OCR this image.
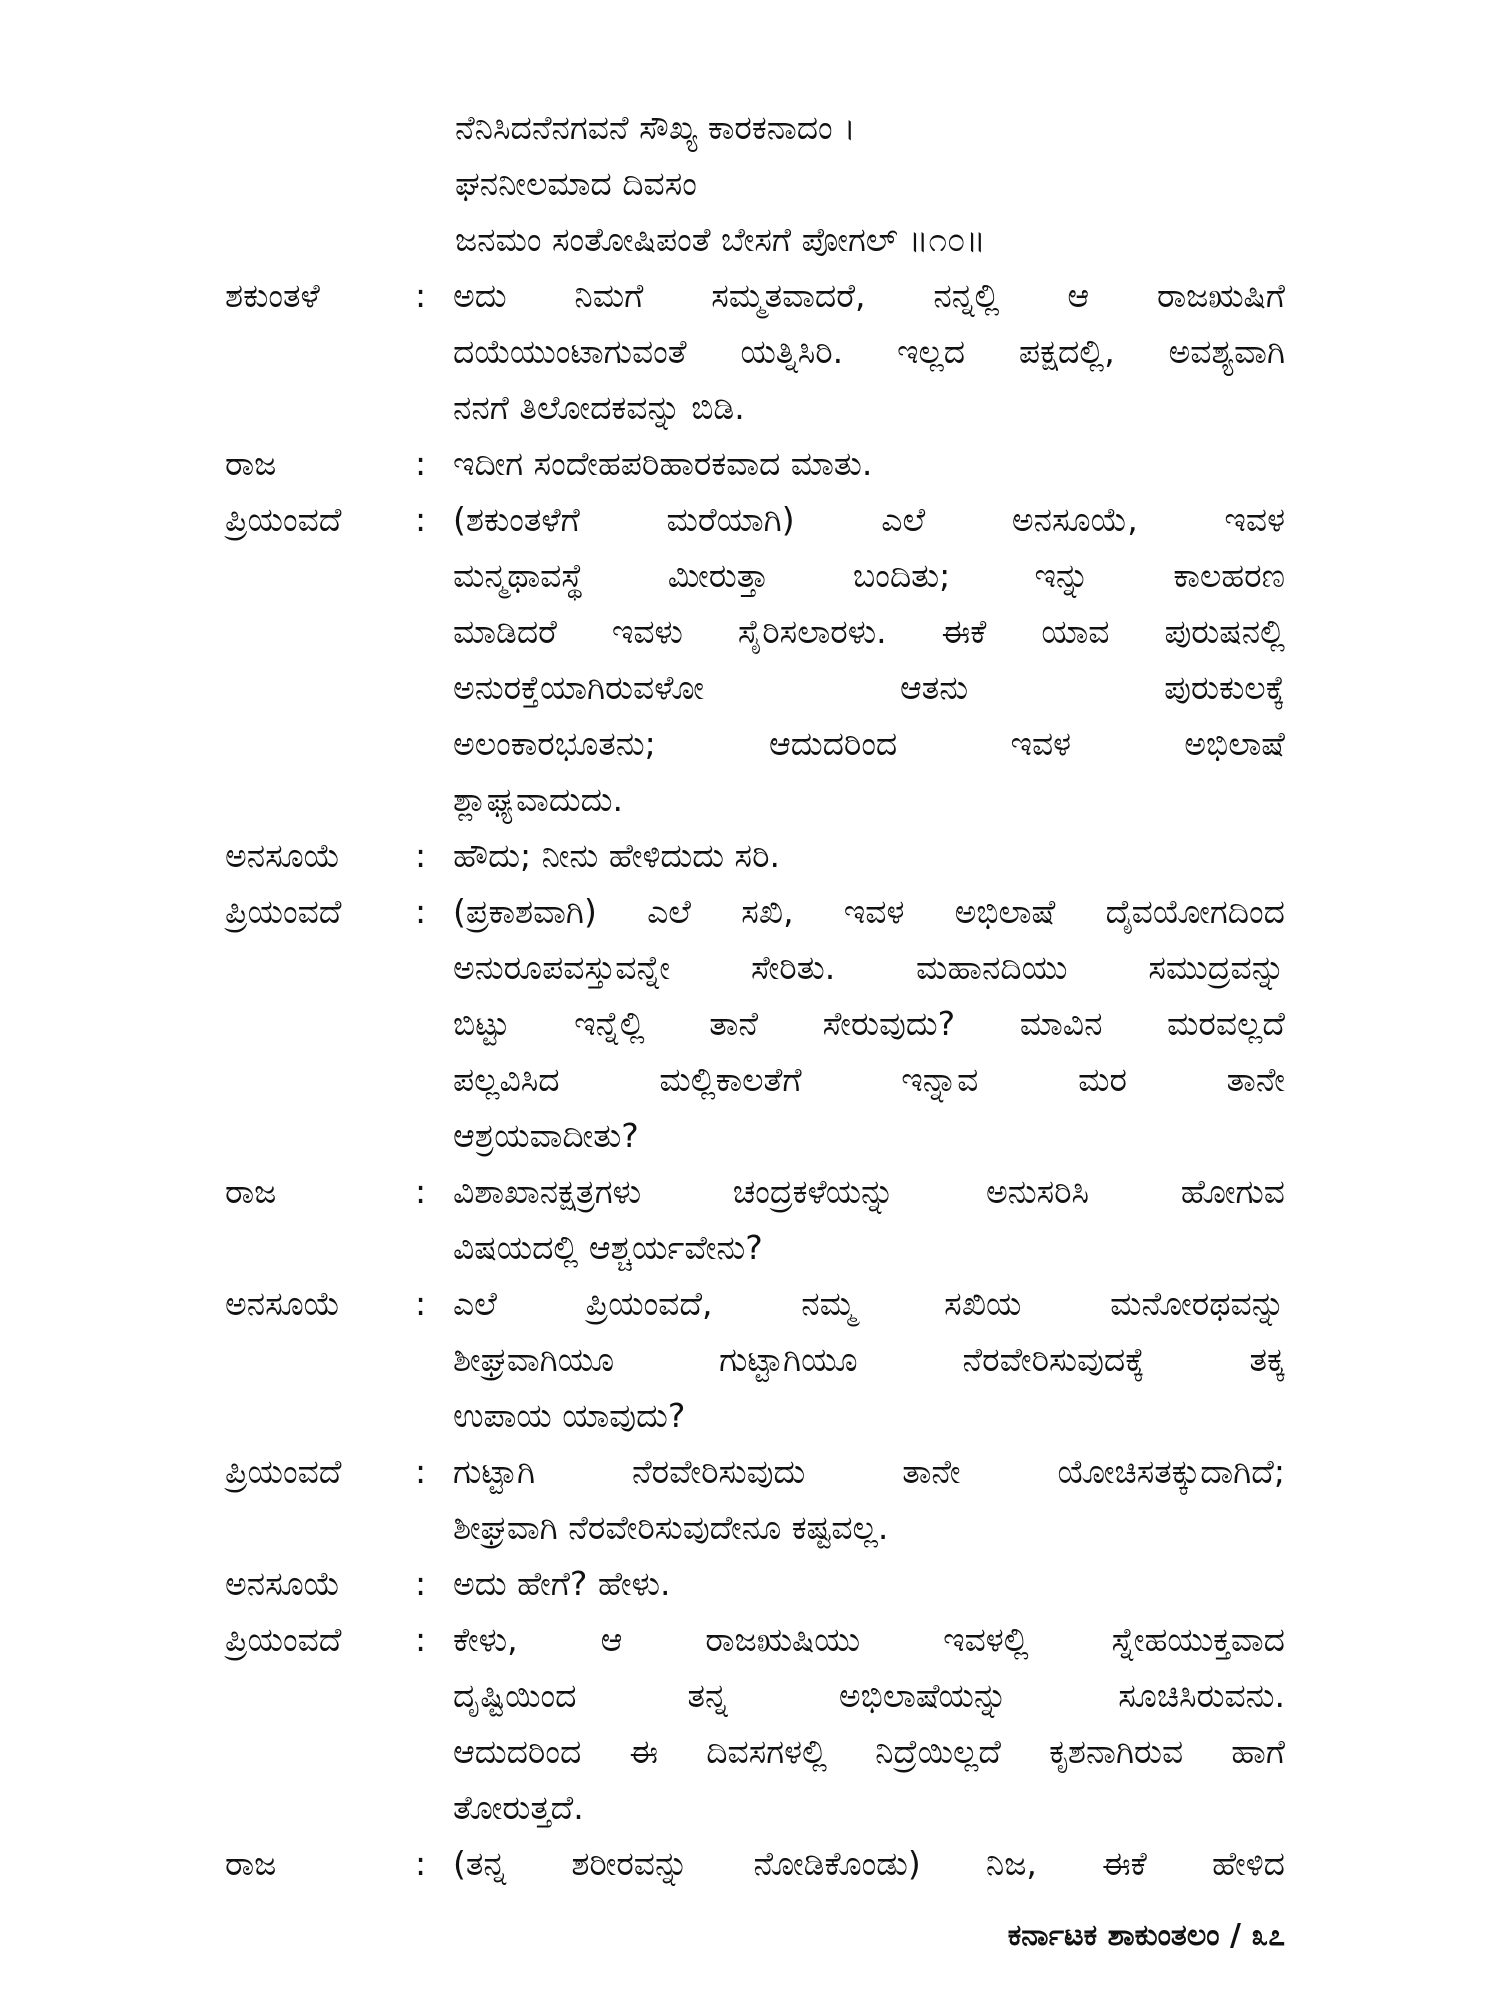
ನೆನಿಸಿದನೆನಗವನೆ ಸೌಖ್ಯ ಕಾರಕನಾದಂ ।
ಘನನೀಲಮಾದ ದಿವಸಂ
ಜನಮಂ ಸಂತೋಷಿಪಂತೆ ಬೇಸಗೆ ಪೋಗಲ್ ॥೧೦॥
ಶಕುಂತಳೆ	: ಅದು ನಿಮಗೆ ಸಮ್ಮತವಾದರೆ, ನನ್ನಲ್ಲಿ ಆ ರಾಜಋಷಿಗೆ
ದಯೆಯುಂಟಾಗುವಂತೆ ಯತ್ನಿಸಿರಿ. ಇಲ್ಲದ ಪಕ್ಷದಲ್ಲಿ, ಅವಶ್ಯವಾಗಿ
ನನಗೆ ತಿಲೋದಕವನ್ನು ಬಿಡಿ.
ರಾಜ	: ಇದೀಗ ಸಂದೇಹಪರಿಹಾರಕವಾದ ಮಾತು.
ಪ್ರಿಯಂವದೆ	: (ಶಕುಂತಳೆಗೆ ಮರೆಯಾಗಿ) ಎಲೆ ಅನಸೂಯೆ, ಇವಳ
ಮನ್ಮಥಾವಸ್ಥೆ ಮೀರುತ್ತಾ ಬಂದಿತು; ಇನ್ನು ಕಾಲಹರಣ
ಮಾಡಿದರೆ ಇವಳು ಸೈರಿಸಲಾರಳು. ಈಕೆ ಯಾವ ಪುರುಷನಲ್ಲಿ
ಅನುರಕ್ತೆಯಾಗಿರುವಳೋ ಆತನು ಪುರುಕುಲಕ್ಕೆ
ಅಲಂಕಾರಭೂತನು; ಆದುದರಿಂದ ಇವಳ ಅಭಿಲಾಷೆ
ಶ್ಲಾಘ್ಯವಾದುದು.
ಅನಸೂಯೆ	: ಹೌದು; ನೀನು ಹೇಳಿದುದು ಸರಿ.
ಪ್ರಿಯಂವದೆ	: (ಪ್ರಕಾಶವಾಗಿ) ಎಲೆ ಸಖಿ, ಇವಳ ಅಭಿಲಾಷೆ ದೈವಯೋಗದಿಂದ
ಅನುರೂಪವಸ್ತುವನ್ನೇ ಸೇರಿತು. ಮಹಾನದಿಯು ಸಮುದ್ರವನ್ನು
ಬಿಟ್ಟು ಇನ್ನೆಲ್ಲಿ ತಾನೆ ಸೇರುವುದು? ಮಾವಿನ ಮರವಲ್ಲದೆ
ಪಲ್ಲವಿಸಿದ ಮಲ್ಲಿಕಾಲತೆಗೆ ಇನ್ನಾವ ಮರ ತಾನೇ
ಆಶ್ರಯವಾದೀತು?
ರಾಜ	: ವಿಶಾಖಾನಕ್ಷತ್ರಗಳು ಚಂದ್ರಕಳೆಯನ್ನು ಅನುಸರಿಸಿ ಹೋಗುವ
ವಿಷಯದಲ್ಲಿ ಆಶ್ಚರ್ಯವೇನು?
ಅನಸೂಯೆ	: ಎಲೆ ಪ್ರಿಯಂವದೆ, ನಮ್ಮ ಸಖಿಯ ಮನೋರಥವನ್ನು
ಶೀಘ್ರವಾಗಿಯೂ ಗುಟ್ಟಾಗಿಯೂ ನೆರವೇರಿಸುವುದಕ್ಕೆ ತಕ್ಕ
ಉಪಾಯ ಯಾವುದು?
ಪ್ರಿಯಂವದೆ	: ಗುಟ್ಟಾಗಿ ನೆರವೇರಿಸುವುದು ತಾನೇ ಯೋಚಿಸತಕ್ಕುದಾಗಿದೆ;
ಶೀಘ್ರವಾಗಿ ನೆರವೇರಿಸುವುದೇನೂ ಕಷ್ಟವಲ್ಲ.
ಅನಸೂಯೆ	: ಅದು ಹೇಗೆ? ಹೇಳು.
ಪ್ರಿಯಂವದೆ	: ಕೇಳು, ಆ ರಾಜಋಷಿಯು ಇವಳಲ್ಲಿ ಸ್ನೇಹಯುಕ್ತವಾದ
ದೃಷ್ಟಿಯಿಂದ ತನ್ನ ಅಭಿಲಾಷೆಯನ್ನು ಸೂಚಿಸಿರುವನು.
ಆದುದರಿಂದ ಈ ದಿವಸಗಳಲ್ಲಿ ನಿದ್ರೆಯಿಲ್ಲದೆ ಕೃಶನಾಗಿರುವ ಹಾಗೆ
ತೋರುತ್ತದೆ.
ರಾಜ	: (ತನ್ನ ಶರೀರವನ್ನು ನೋಡಿಕೊಂಡು) ನಿಜ, ಈಕೆ ಹೇಳಿದ
ಕರ್ನಾಟಕ ಶಾಕುಂತಲಂ / ೩೭
